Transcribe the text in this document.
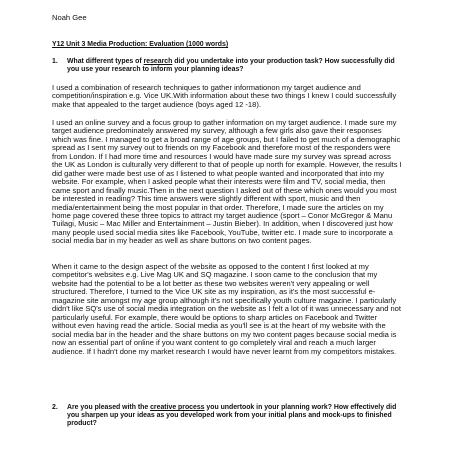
Noah Gee
Y12 Unit 3 Media Production: Evaluation (1000 words)
1.	What different types of research did you undertake into your production task? How successfully did you use your research to inform your planning ideas?

I used a combination of research techniques to gather informationon my target audience and competition/inspiration e.g. Vice UK.With information about these two things I knew I could successfully make that appealed to the target audience (boys aged 12 -18).

I used an online survey and a focus group to gather information on my target audience. I made sure my target audience predominately answered my survey, although a few girls also gave their responses which was fine. I managed to get a broad range of age groups, but I failed to get much of a demographic spread as I sent my survey out to friends on my Facebook and therefore most of the responders were from London. If I had more time and resources I would have made sure my survey was spread across the UK as London is culturally very different to that of people up north for example. However, the results I did gather were made best use of as I listened to what people wanted and incorporated that into my website. For example, when I asked people what their interests were film and TV, social media, then came sport and finally music.Then in the next question I asked out of these which ones would you most be interested in reading? This time answers were slightly different with sport, music and then media/entertainment being the most popular in that order. Therefore, I made sure the articles on my home page covered these three topics to attract my target audience (sport – Conor McGregor & Manu Tuilagi, Music – Mac Miller and Entertainment – Justin Bieber). In addition, when I discovered just how many people used social media sites like Facebook, YouTube, twitter etc. I made sure to incorporate a social media bar in my header as well as share buttons on two content pages.

When it came to the design aspect of the website as opposed to the content I first looked at my competitor's websites e.g. Live Mag UK and SQ magazine. I soon came to the conclusion that my website had the potential to be a lot better as these two websites weren't very appealing or well structured. Therefore, I turned to the Vice UK site as my inspiration, as it's the most successful e-magazine site amongst my age group although it's not specifically youth culture magazine. I particularly didn't like SQ's use of social media integration on the website as I felt a lot of it was unnecessary and not particularly useful. For example, there would be options to sharp articles on Facebook and Twitter without even having read the article. Social media as you'll see is at the heart of my website with the social media bar in the header and the share buttons on my two content pages because social media is now an essential part of online if you want content to go completely viral and reach a much larger audience. If I hadn't done my market research I would have never learnt from my competitors mistakes.

2.	Are you pleased with the creative process you undertook in your planning work? How effectively did you sharpen up your ideas as you developed work from your initial plans and mock-ups to finished product?
